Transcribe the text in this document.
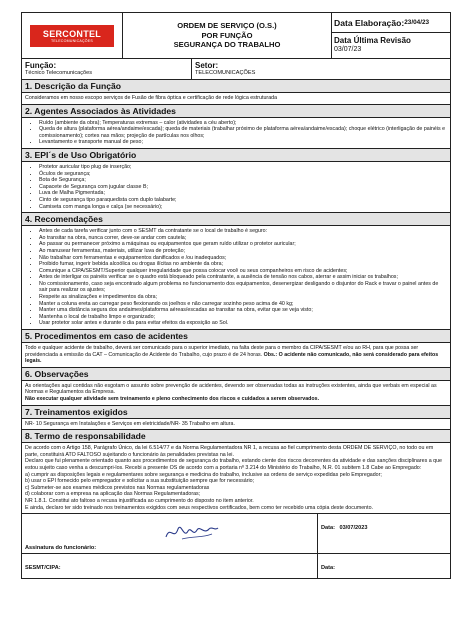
SERCONTEL
TELECOMUNICAÇÕES
ORDEM DE SERVIÇO (O.S.)
POR FUNÇÃO
SEGURANÇA DO TRABALHO
Data Elaboração: 23/04/23
Data Última Revisão
03/07/23
Função:
Técnico Telecomunicações
Setor:
TELECOMUNICAÇÕES
1. Descrição da Função

Consideramos em nosso escopo serviços de Fusão de fibra óptica e certificação de rede lógica estruturada

2. Agentes Associados às Atividades
• Ruído (ambiente da obra); Temperaturas extremas – calor (atividades a céu aberto);
• Queda de altura (plataforma aérea/andaime/escada); queda de materiais (trabalhar próximo de plataforma aérea/andaime/escada); choque elétrico (interligação de painéis e comissionamento); cortes nas mãos; projeção de partículas nos olhos;
• Levantamento e transporte manual de peso;
3. EPI´s de Uso Obrigatório
• Protetor auricular tipo plug de inserção;
• Óculos de segurança;
• Bota de Segurança;
• Capacete de Segurança com jugular classe B;
• Luva de Malha Pigmentada;
• Cinto de segurança tipo paraquedista com duplo talabarte;
• Camiseta com manga longa e calça (se necessário);
4. Recomendações
• Antes de cada tarefa verificar junto com o SESMT da contratante se o local de trabalho é seguro:
• Ao transitar na obra, nunca correr, deve-se andar com cautela;
• Ao passar ou permanecer próximo a máquinas ou equipamentos que geram ruído utilizar o protetor auricular;
• Ao manusear ferramentas, materiais, utilizar luva de proteção;
• Não trabalhar com ferramentas e equipamentos danificados e /ou inadequados;
• Proibido fumar, ingerir bebida alcoólica ou drogas ilícitas no ambiente da obra;
• Comunique a CIPA/SESMT/Superior qualquer irregularidade que possa colocar você ou seus companheiros em risco de acidentes;
• Antes de interligar os painéis verificar se o quadro está bloqueado pela contratante, a ausência de tensão nos cabos, aterrar e assim iniciar os trabalhos;
• No comissionamento, caso seja encontrado algum problema no funcionamento dos equipamentos, desenergizar desligando o disjuntor do Rack e travar o painel antes de sair para realizar os ajustes;
• Respeite as sinalizações e impedimentos da obra;
• Manter a coluna ereta ao carregar peso flexionando os joelhos e não carregar sozinho peso acima de 40 kg;
• Manter uma distância segura dos andaimes/plataforma aéreas/escadas ao transitar na obra, evitar que se veja visto;
• Mantenha o local de trabalho limpo e organizado;
• Usar protetor solar antes e durante o dia para evitar efeitos da exposição ao Sol.
5. Procedimentos em caso de acidentes
Todo e qualquer acidente de trabalho, deverá ser comunicado para o superior imediato, na falta deste para o membro da CIPA/SESMT e/ou ao RH, para que possa ser providenciada a emissão da CAT – Comunicação de Acidente do Trabalho, cujo prazo é de 24 horas. Obs.: O acidente não comunicado, não será considerado para efeitos legais.
6. Observações

As orientações aqui contidas não esgotam o assunto sobre prevenção de acidentes, devendo ser observadas todas as instruções existentes, ainda que verbais em especial as Normas e Regulamentos da Empresa.

Não executar qualquer atividade sem treinamento e pleno conhecimento dos riscos e cuidados a serem observados.

7. Treinamentos exigidos

NR- 10 Segurança em Instalações e Serviços em eletricidade/NR- 35 Trabalho em altura.

8. Termo de responsabilidade

De acordo com o Artigo 158, Parágrafo Único, da lei 6.514/77 e da Norma Regulamentadora NR 1, a recusa ao fiel cumprimento desta ORDEM DE SERVIÇO, no todo ou em parte, constituirá ATO FALTOSO sujeitando o funcionário às penalidades previstas na lei.

Declaro que fui plenamente orientado quanto aos procedimentos de segurança do trabalho, estando ciente dos riscos decorrentes da atividade e das sanções disciplinares a que estou sujeito caso venha a descumpri-los. Recebi a presente OS de acordo com a portaria nº 3.214 do Ministério do Trabalho, N.R. 01 subitem 1.8 Cabe ao Empregado:

a) cumprir as disposições legais e regulamentares sobre segurança e medicina do trabalho, inclusive as ordens de serviço expedidas pelo Empregador;

b) usar o EPI fornecido pelo empregador e solicitar a sua substituição sempre que for necessário;

c) Submeter-se aos exames médicos previstos nas Normas regulamentadoras

d) colaborar com a empresa na aplicação das Normas Regulamentadoras;

NR 1.8.1. Constitui ato faltoso a recusa injustificada ao cumprimento do disposto no item anterior.

E ainda, declaro ter sido treinado nos treinamentos exigidos com seus respectivos certificados, bem como ter recebido uma cópia deste documento.

Assinatura do funcionário:
Data: 03/07/2023
SESMT/CIPA:	Data:
